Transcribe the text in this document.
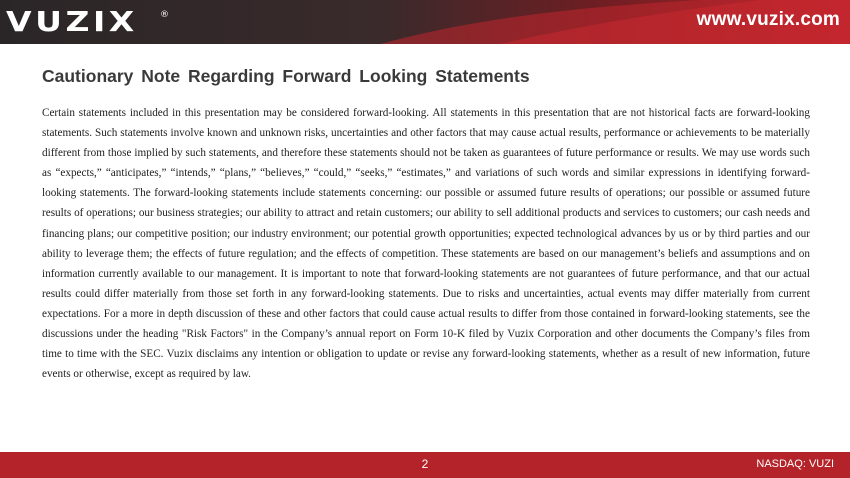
VUZIX ®	www.vuzix.com
Cautionary Note Regarding Forward Looking Statements
Certain statements included in this presentation may be considered forward-looking. All statements in this presentation that are not historical facts are forward-looking statements. Such statements involve known and unknown risks, uncertainties and other factors that may cause actual results, performance or achievements to be materially different from those implied by such statements, and therefore these statements should not be taken as guarantees of future performance or results. We may use words such as “expects,” “anticipates,” “intends,” “plans,” “believes,” “could,” “seeks,” “estimates,” and variations of such words and similar expressions in identifying forward-looking statements. The forward-looking statements include statements concerning: our possible or assumed future results of operations; our possible or assumed future results of operations; our business strategies; our ability to attract and retain customers; our ability to sell additional products and services to customers; our cash needs and financing plans; our competitive position; our industry environment; our potential growth opportunities; expected technological advances by us or by third parties and our ability to leverage them; the effects of future regulation; and the effects of competition. These statements are based on our management’s beliefs and assumptions and on information currently available to our management. It is important to note that forward-looking statements are not guarantees of future performance, and that our actual results could differ materially from those set forth in any forward-looking statements. Due to risks and uncertainties, actual events may differ materially from current expectations. For a more in depth discussion of these and other factors that could cause actual results to differ from those contained in forward-looking statements, see the discussions under the heading "Risk Factors" in the Company’s annual report on Form 10-K filed by Vuzix Corporation and other documents the Company’s files from time to time with the SEC. Vuzix disclaims any intention or obligation to update or revise any forward-looking statements, whether as a result of new information, future events or otherwise, except as required by law.
2	NASDAQ: VUZI
